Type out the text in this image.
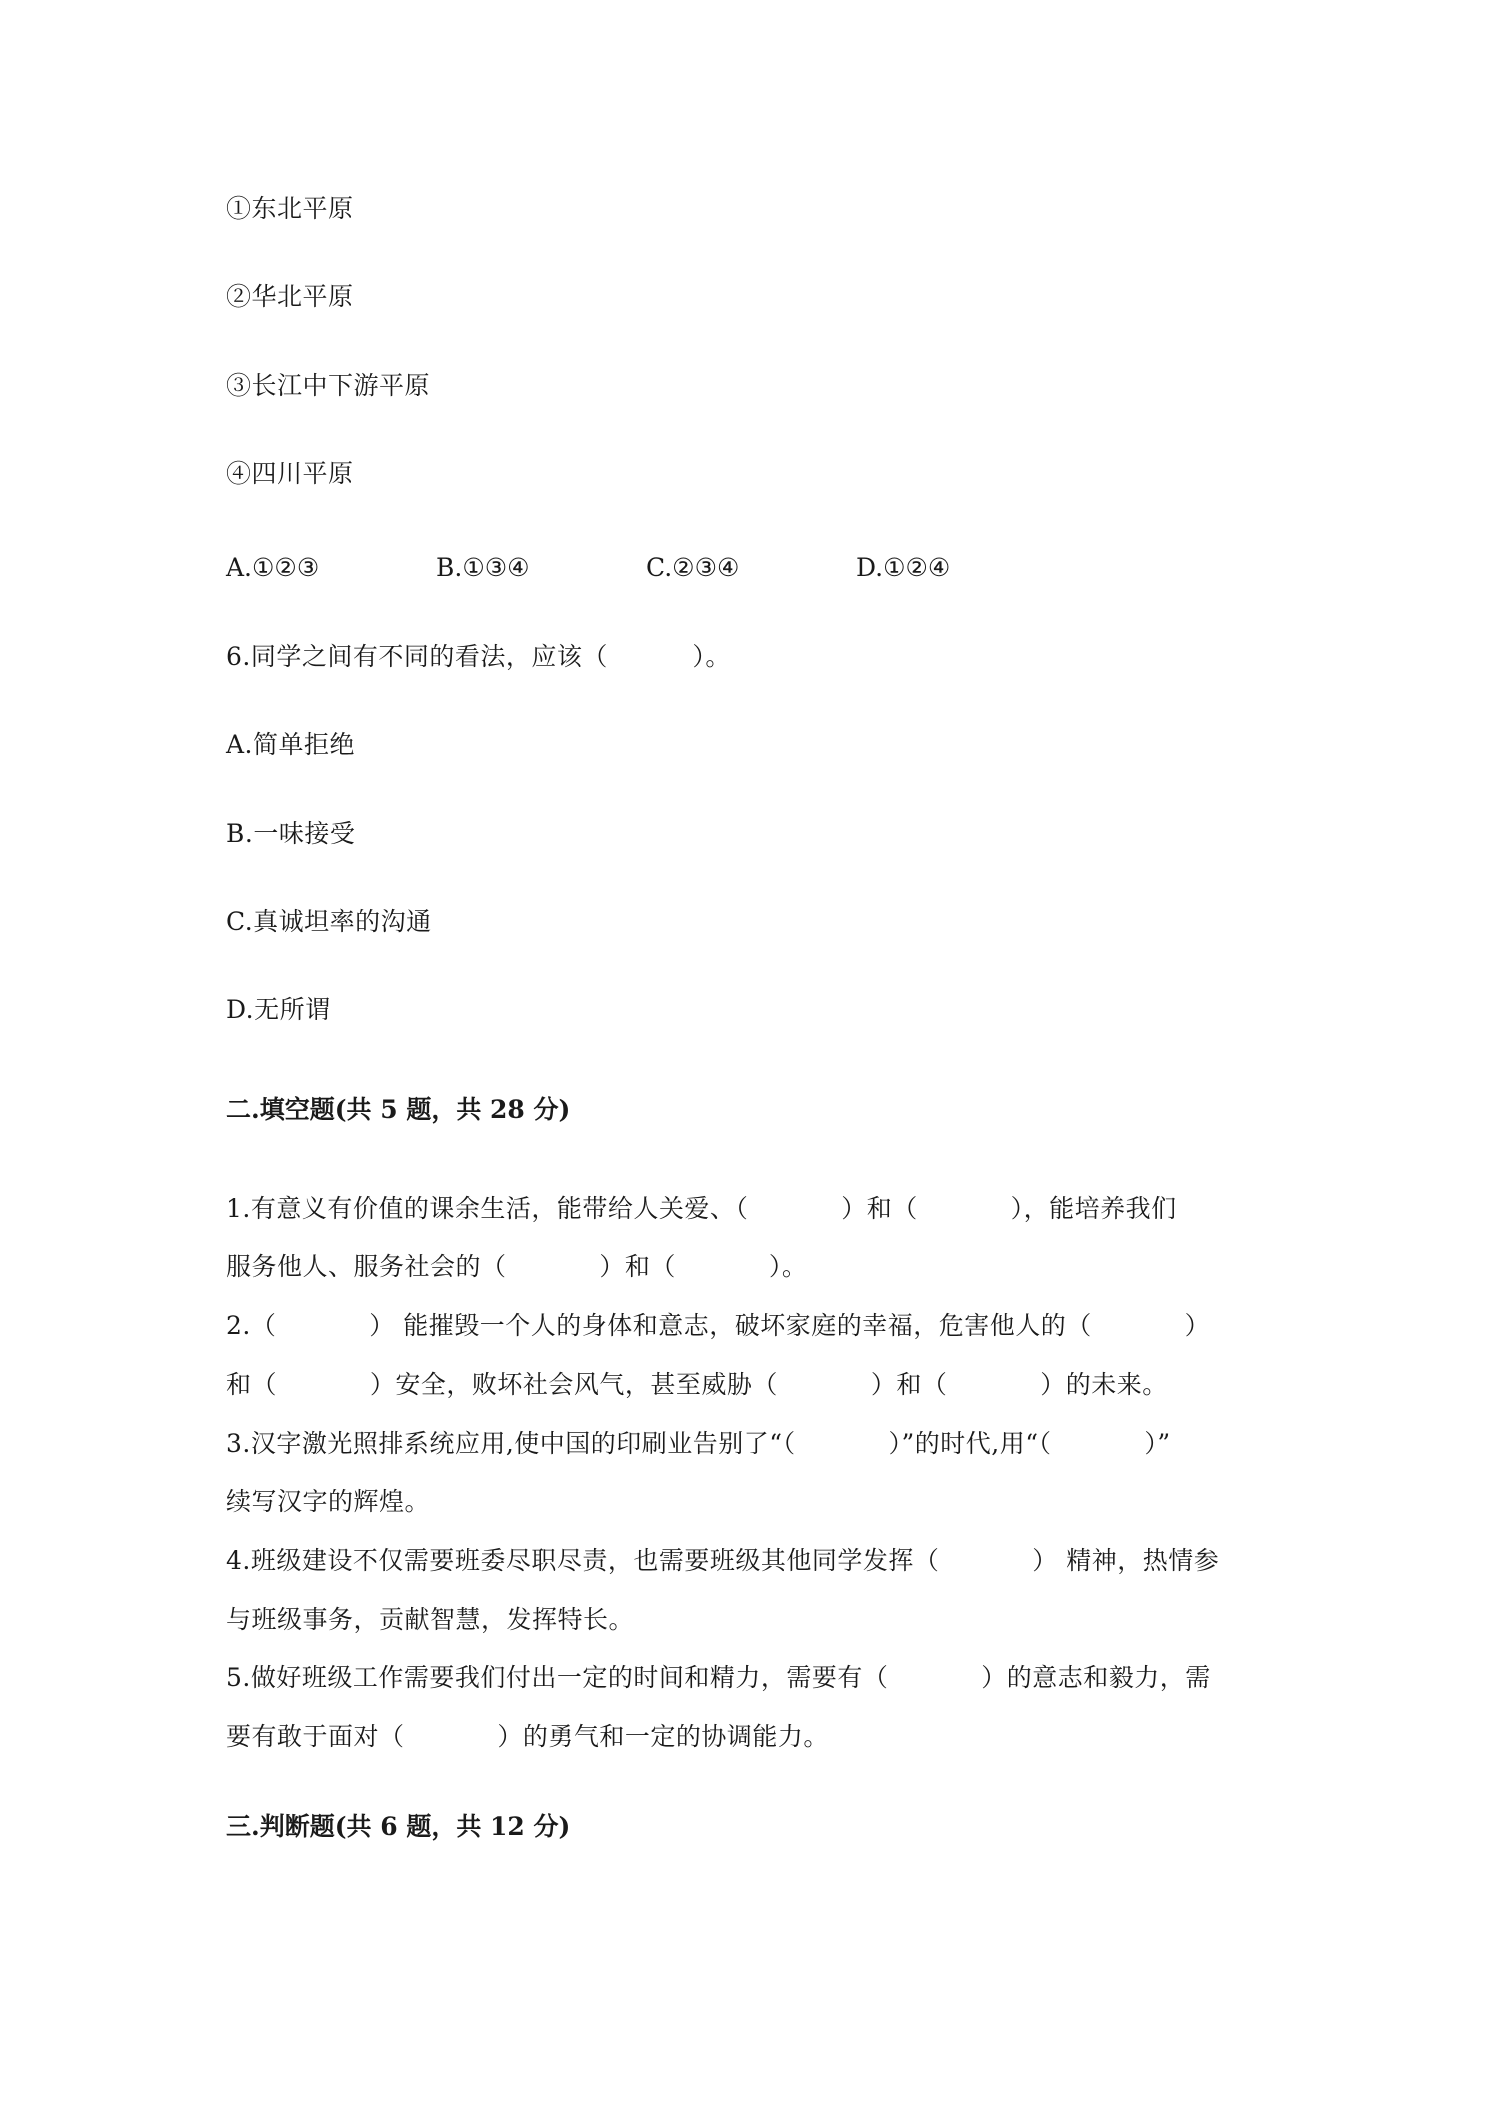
①东北平原
②华北平原
③长江中下游平原
④四川平原
A.①②③	B.①③④	C.②③④	D.①②④
6.同学之间有不同的看法，应该（          ）。
A.简单拒绝
B.一味接受
C.真诚坦率的沟通
D.无所谓
二.填空题(共 5 题，共 28 分)
1.有意义有价值的课余生活，能带给人关爱、（           ）和（           ），能培养我们
服务他人、服务社会的（           ）和（           ）。
2.（           ） 能摧毁一个人的身体和意志，破坏家庭的幸福，危害他人的（           ）
和（           ）安全，败坏社会风气，甚至威胁（           ）和（           ）的未来。
3.汉字激光照排系统应用,使中国的印刷业告别了“（           ）”的时代,用“（           ）”
续写汉字的辉煌。
4.班级建设不仅需要班委尽职尽责，也需要班级其他同学发挥（           ） 精神，热情参
与班级事务，贡献智慧，发挥特长。
5.做好班级工作需要我们付出一定的时间和精力，需要有（           ）的意志和毅力，需
要有敢于面对（           ）的勇气和一定的协调能力。
三.判断题(共 6 题，共 12 分)
